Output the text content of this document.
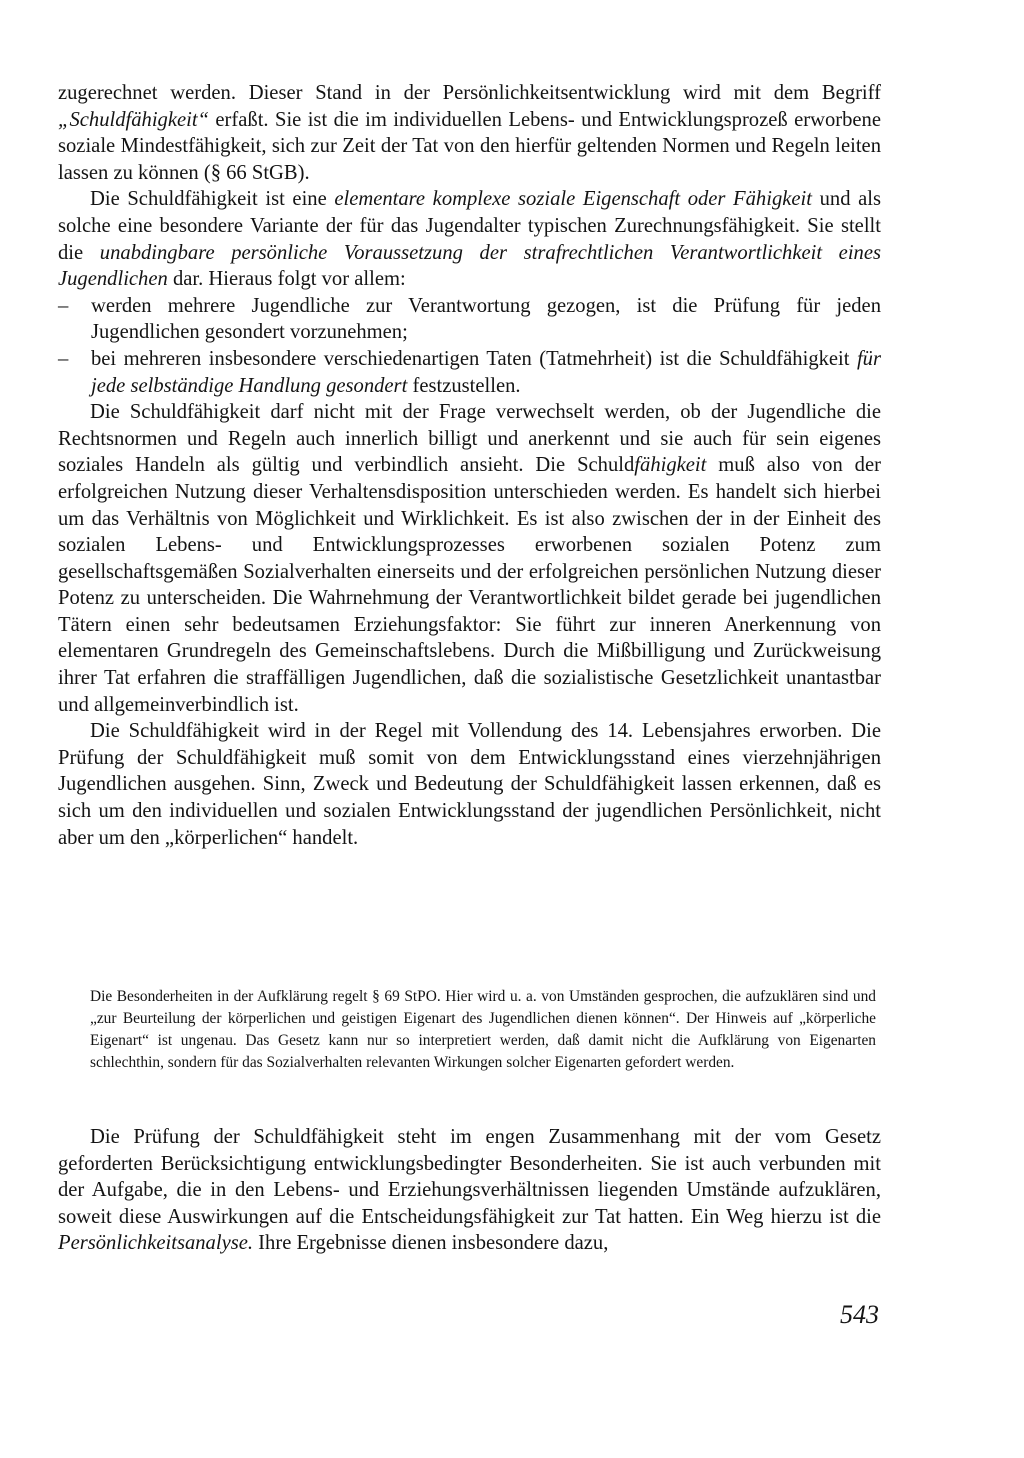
zugerechnet werden. Dieser Stand in der Persönlichkeitsentwicklung wird mit dem Begriff „Schuldfähigkeit“ erfaßt. Sie ist die im individuellen Lebens- und Entwicklungsprozeß erworbene soziale Mindestfähigkeit, sich zur Zeit der Tat von den hierfür geltenden Normen und Regeln leiten lassen zu können (§ 66 StGB).

Die Schuldfähigkeit ist eine elementare komplexe soziale Eigenschaft oder Fähigkeit und als solche eine besondere Variante der für das Jugendalter typischen Zurechnungsfähigkeit. Sie stellt die unabdingbare persönliche Voraussetzung der strafrechtlichen Verantwortlichkeit eines Jugendlichen dar. Hieraus folgt vor allem:

– werden mehrere Jugendliche zur Verantwortung gezogen, ist die Prüfung für jeden Jugendlichen gesondert vorzunehmen;

– bei mehreren insbesondere verschiedenartigen Taten (Tatmehrheit) ist die Schuldfähigkeit für jede selbständige Handlung gesondert festzustellen.

Die Schuldfähigkeit darf nicht mit der Frage verwechselt werden, ob der Jugendliche die Rechtsnormen und Regeln auch innerlich billigt und anerkennt und sie auch für sein eigenes soziales Handeln als gültig und verbindlich ansieht. Die Schuldfähigkeit muß also von der erfolgreichen Nutzung dieser Verhaltensdisposition unterschieden werden. Es handelt sich hierbei um das Verhältnis von Möglichkeit und Wirklichkeit. Es ist also zwischen der in der Einheit des sozialen Lebens- und Entwicklungsprozesses erworbenen sozialen Potenz zum gesellschaftsgemäßen Sozialverhalten einerseits und der erfolgreichen persönlichen Nutzung dieser Potenz zu unterscheiden. Die Wahrnehmung der Verantwortlichkeit bildet gerade bei jugendlichen Tätern einen sehr bedeutsamen Erziehungsfaktor: Sie führt zur inneren Anerkennung von elementaren Grundregeln des Gemeinschaftslebens. Durch die Mißbilligung und Zurückweisung ihrer Tat erfahren die straffälligen Jugendlichen, daß die sozialistische Gesetzlichkeit unantastbar und allgemeinverbindlich ist.

Die Schuldfähigkeit wird in der Regel mit Vollendung des 14. Lebensjahres erworben. Die Prüfung der Schuldfähigkeit muß somit von dem Entwicklungsstand eines vierzehnjährigen Jugendlichen ausgehen. Sinn, Zweck und Bedeutung der Schuldfähigkeit lassen erkennen, daß es sich um den individuellen und sozialen Entwicklungsstand der jugendlichen Persönlichkeit, nicht aber um den „körperlichen“ handelt.

Die Besonderheiten in der Aufklärung regelt § 69 StPO. Hier wird u. a. von Umständen gesprochen, die aufzuklären sind und „zur Beurteilung der körperlichen und geistigen Eigenart des Jugendlichen dienen können“. Der Hinweis auf „körperliche Eigenart“ ist ungenau. Das Gesetz kann nur so interpretiert werden, daß damit nicht die Aufklärung von Eigenarten schlechthin, sondern für das Sozialverhalten relevanten Wirkungen solcher Eigenarten gefordert werden.

Die Prüfung der Schuldfähigkeit steht im engen Zusammenhang mit der vom Gesetz geforderten Berücksichtigung entwicklungsbedingter Besonderheiten. Sie ist auch verbunden mit der Aufgabe, die in den Lebens- und Erziehungsverhältnissen liegenden Umstände aufzuklären, soweit diese Auswirkungen auf die Entscheidungsfähigkeit zur Tat hatten. Ein Weg hierzu ist die Persönlichkeitsanalyse. Ihre Ergebnisse dienen insbesondere dazu,

543
